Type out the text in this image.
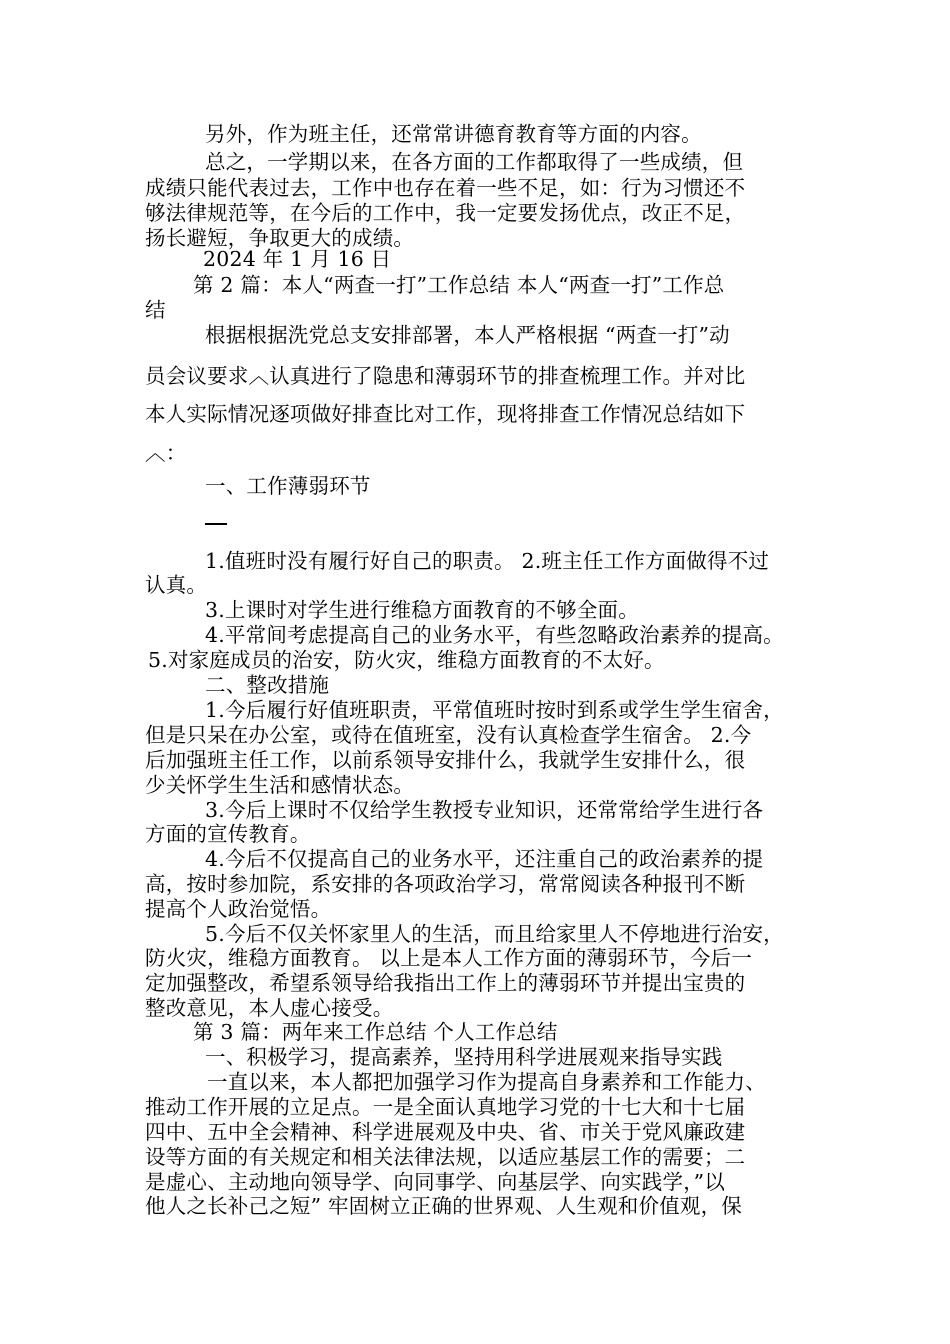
另外，作为班主任，还常常讲德育教育等方面的内容。
总之，一学期以来，在各方面的工作都取得了一些成绩，但
成绩只能代表过去，工作中也存在着一些不足，如：行为习惯还不
够法律规范等，在今后的工作中，我一定要发扬优点，改正不足，
扬长避短，争取更大的成绩。
2024 年 1 月 16 日
第 2 篇：本人“两查一打”工作总结 本人“两查一打”工作总
结
根据根据洗党总支安排部署，本人严格根据 “两查一打”动
员会议要求︿认真进行了隐患和薄弱环节的排查梳理工作。并对比
本人实际情况逐项做好排查比对工作，现将排查工作情况总结如下
︿：
一、工作薄弱环节
1.值班时没有履行好自己的职责。 2.班主任工作方面做得不过
认真。
3.上课时对学生进行维稳方面教育的不够全面。
4.平常间考虑提高自己的业务水平，有些忽略政治素养的提高。
5.对家庭成员的治安，防火灾，维稳方面教育的不太好。
二、整改措施
1.今后履行好值班职责，平常值班时按时到系或学生学生宿舍，
但是只呆在办公室，或待在值班室，没有认真检查学生宿舍。 2.今
后加强班主任工作，以前系领导安排什么，我就学生安排什么，很
少关怀学生生活和感情状态。
3.今后上课时不仅给学生教授专业知识，还常常给学生进行各
方面的宣传教育。
4.今后不仅提高自己的业务水平，还注重自己的政治素养的提
高，按时参加院，系安排的各项政治学习，常常阅读各种报刊不断
提高个人政治觉悟。
5.今后不仅关怀家里人的生活，而且给家里人不停地进行治安，
防火灾，维稳方面教育。 以上是本人工作方面的薄弱环节，今后一
定加强整改，希望系领导给我指出工作上的薄弱环节并提出宝贵的
整改意见，本人虚心接受。
第 3 篇：两年来工作总结 个人工作总结
一、积极学习，提高素养，坚持用科学进展观来指导实践
一直以来，本人都把加强学习作为提高自身素养和工作能力、
推动工作开展的立足点。一是全面认真地学习党的十七大和十七届
四中、五中全会精神、科学进展观及中央、省、市关于党风廉政建
设等方面的有关规定和相关法律法规，以适应基层工作的需要；二
是虚心、主动地向领导学、向同事学、向基层学、向实践学，”以
他人之长补己之短” 牢固树立正确的世界观、人生观和价值观，保
